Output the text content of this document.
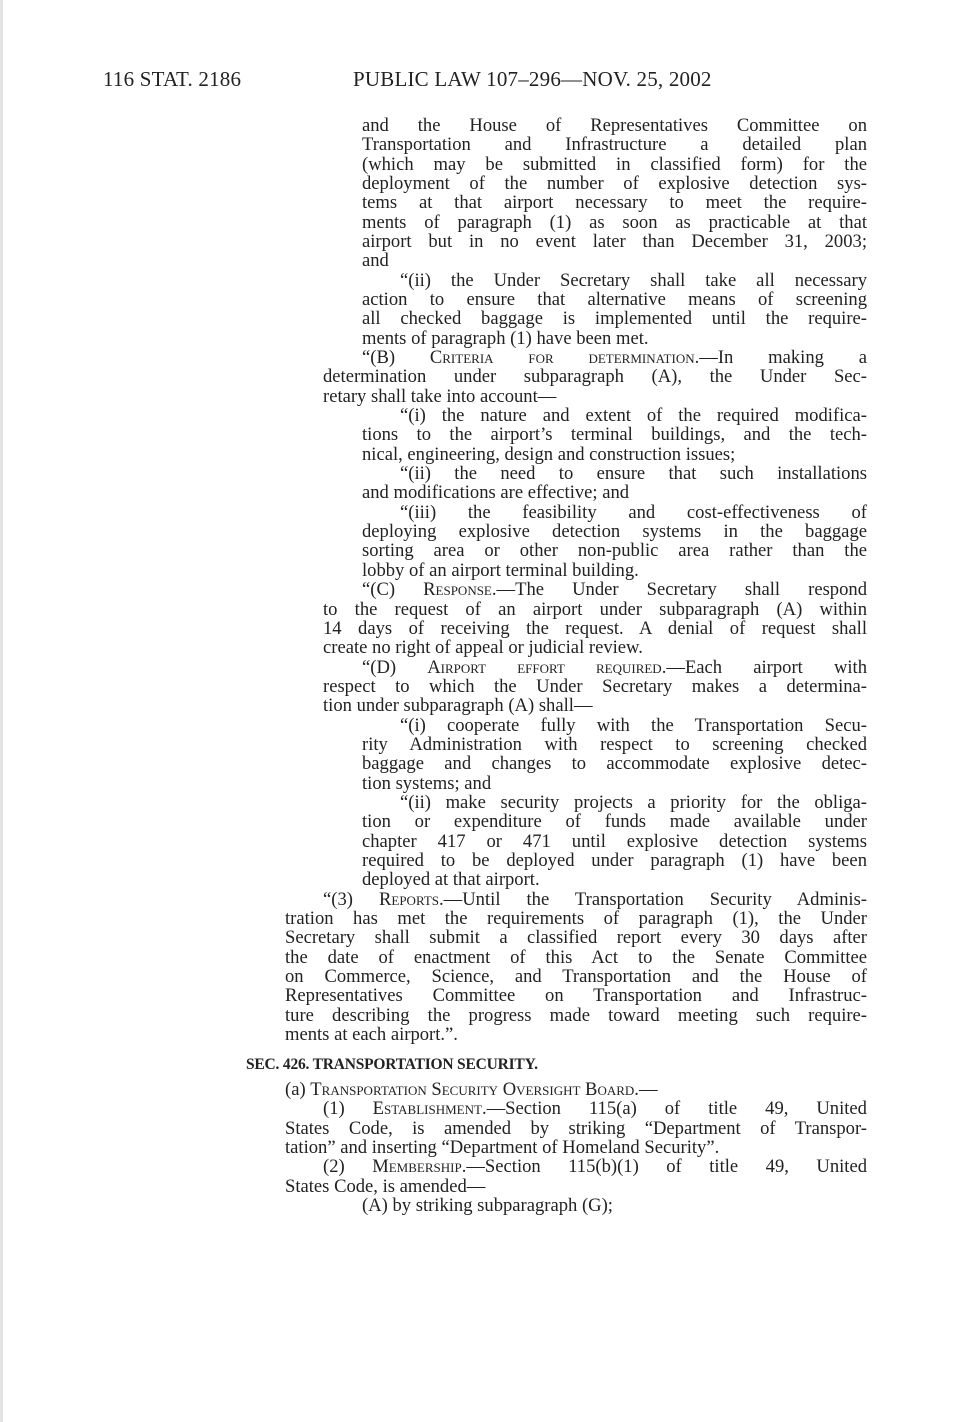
116 STAT. 2186	PUBLIC LAW 107–296—NOV. 25, 2002
and the House of Representatives Committee on
Transportation and Infrastructure a detailed plan
(which may be submitted in classified form) for the
deployment of the number of explosive detection sys-
tems at that airport necessary to meet the require-
ments of paragraph (1) as soon as practicable at that
airport but in no event later than December 31, 2003;
and
“(ii) the Under Secretary shall take all necessary
action to ensure that alternative means of screening
all checked baggage is implemented until the require-
ments of paragraph (1) have been met.
“(B) Criteria for determination.—In making a
determination under subparagraph (A), the Under Sec-
retary shall take into account—
“(i) the nature and extent of the required modifica-
tions to the airport’s terminal buildings, and the tech-
nical, engineering, design and construction issues;
“(ii) the need to ensure that such installations
and modifications are effective; and
“(iii) the feasibility and cost-effectiveness of
deploying explosive detection systems in the baggage
sorting area or other non-public area rather than the
lobby of an airport terminal building.
“(C) Response.—The Under Secretary shall respond
to the request of an airport under subparagraph (A) within
14 days of receiving the request. A denial of request shall
create no right of appeal or judicial review.
“(D) Airport effort required.—Each airport with
respect to which the Under Secretary makes a determina-
tion under subparagraph (A) shall—
“(i) cooperate fully with the Transportation Secu-
rity Administration with respect to screening checked
baggage and changes to accommodate explosive detec-
tion systems; and
“(ii) make security projects a priority for the obliga-
tion or expenditure of funds made available under
chapter 417 or 471 until explosive detection systems
required to be deployed under paragraph (1) have been
deployed at that airport.
“(3) Reports.—Until the Transportation Security Adminis-
tration has met the requirements of paragraph (1), the Under
Secretary shall submit a classified report every 30 days after
the date of enactment of this Act to the Senate Committee
on Commerce, Science, and Transportation and the House of
Representatives Committee on Transportation and Infrastruc-
ture describing the progress made toward meeting such require-
ments at each airport.”.
SEC. 426. TRANSPORTATION SECURITY.
(a) Transportation Security Oversight Board.—
(1) Establishment.—Section 115(a) of title 49, United
States Code, is amended by striking “Department of Transpor-
tation” and inserting “Department of Homeland Security”.
(2) Membership.—Section 115(b)(1) of title 49, United
States Code, is amended—
(A) by striking subparagraph (G);
